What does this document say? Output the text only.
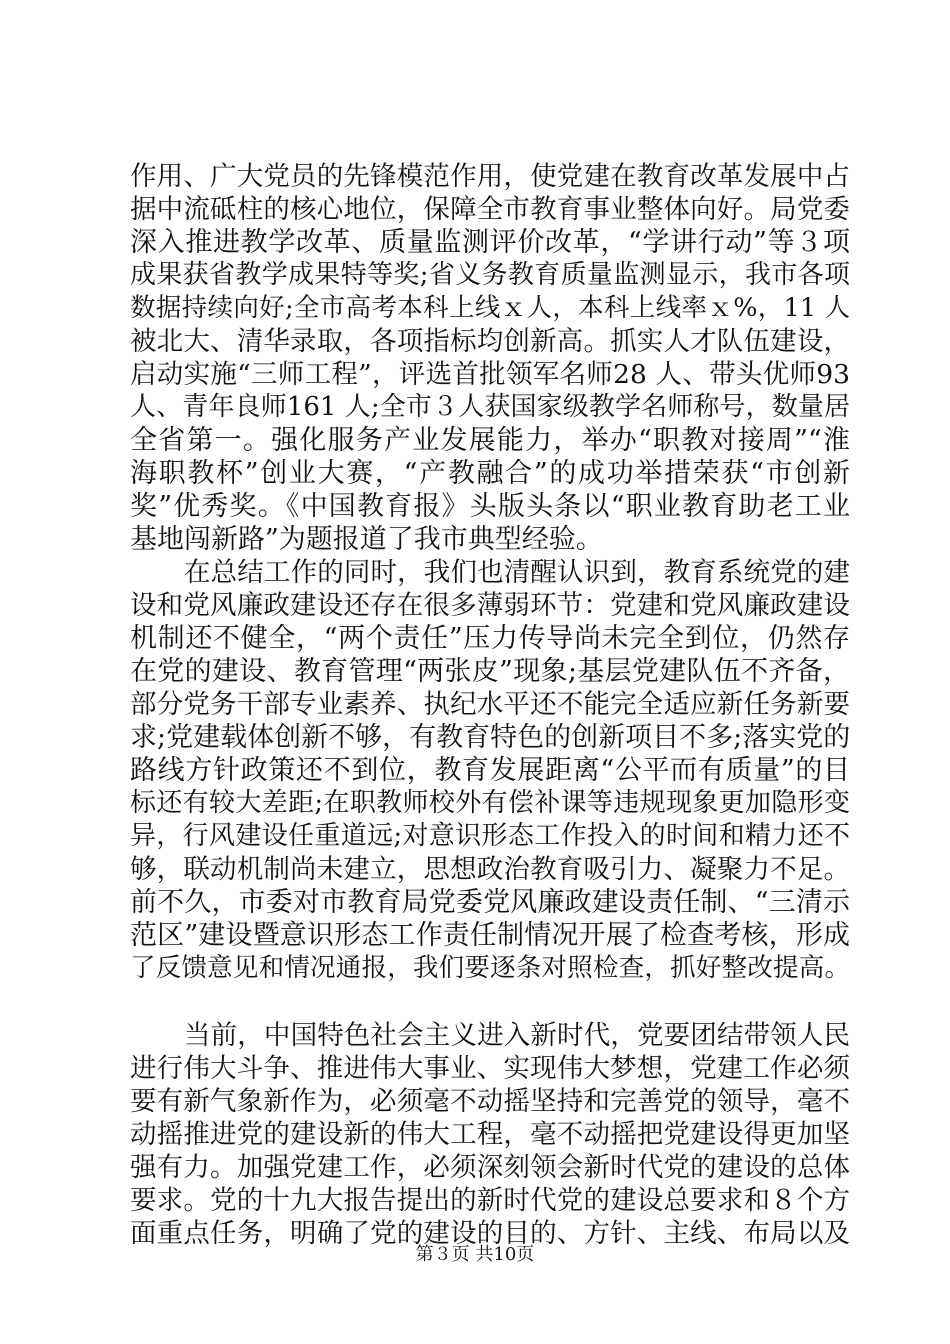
作用、广大党员的先锋模范作用，使党建在教育改革发展中占
据中流砥柱的核心地位，保障全市教育事业整体向好。局党委
深入推进教学改革、质量监测评价改革，“学讲行动”等３项
成果获省教学成果特等奖;省义务教育质量监测显示，我市各项
数据持续向好;全市高考本科上线ｘ人，本科上线率ｘ%，11 人
被北大、清华录取，各项指标均创新高。抓实人才队伍建设，
启动实施“三师工程”，评选首批领军名师28 人、带头优师93
人、青年良师161 人;全市３人获国家级教学名师称号，数量居
全省第一。强化服务产业发展能力，举办“职教对接周”“淮
海职教杯”创业大赛，“产教融合”的成功举措荣获“市创新
奖”优秀奖。《中国教育报》头版头条以“职业教育助老工业
基地闯新路”为题报道了我市典型经验。
在总结工作的同时，我们也清醒认识到，教育系统党的建
设和党风廉政建设还存在很多薄弱环节：党建和党风廉政建设
机制还不健全，“两个责任”压力传导尚未完全到位，仍然存
在党的建设、教育管理“两张皮”现象;基层党建队伍不齐备，
部分党务干部专业素养、执纪水平还不能完全适应新任务新要
求;党建载体创新不够，有教育特色的创新项目不多;落实党的
路线方针政策还不到位，教育发展距离“公平而有质量”的目
标还有较大差距;在职教师校外有偿补课等违规现象更加隐形变
异，行风建设任重道远;对意识形态工作投入的时间和精力还不
够，联动机制尚未建立，思想政治教育吸引力、凝聚力不足。
前不久，市委对市教育局党委党风廉政建设责任制、“三清示
范区”建设暨意识形态工作责任制情况开展了检查考核，形成
了反馈意见和情况通报，我们要逐条对照检查，抓好整改提高。
当前，中国特色社会主义进入新时代，党要团结带领人民
进行伟大斗争、推进伟大事业、实现伟大梦想，党建工作必须
要有新气象新作为，必须毫不动摇坚持和完善党的领导，毫不
动摇推进党的建设新的伟大工程，毫不动摇把党建设得更加坚
强有力。加强党建工作，必须深刻领会新时代党的建设的总体
要求。党的十九大报告提出的新时代党的建设总要求和８个方
面重点任务，明确了党的建设的目的、方针、主线、布局以及
第３页 共10页
